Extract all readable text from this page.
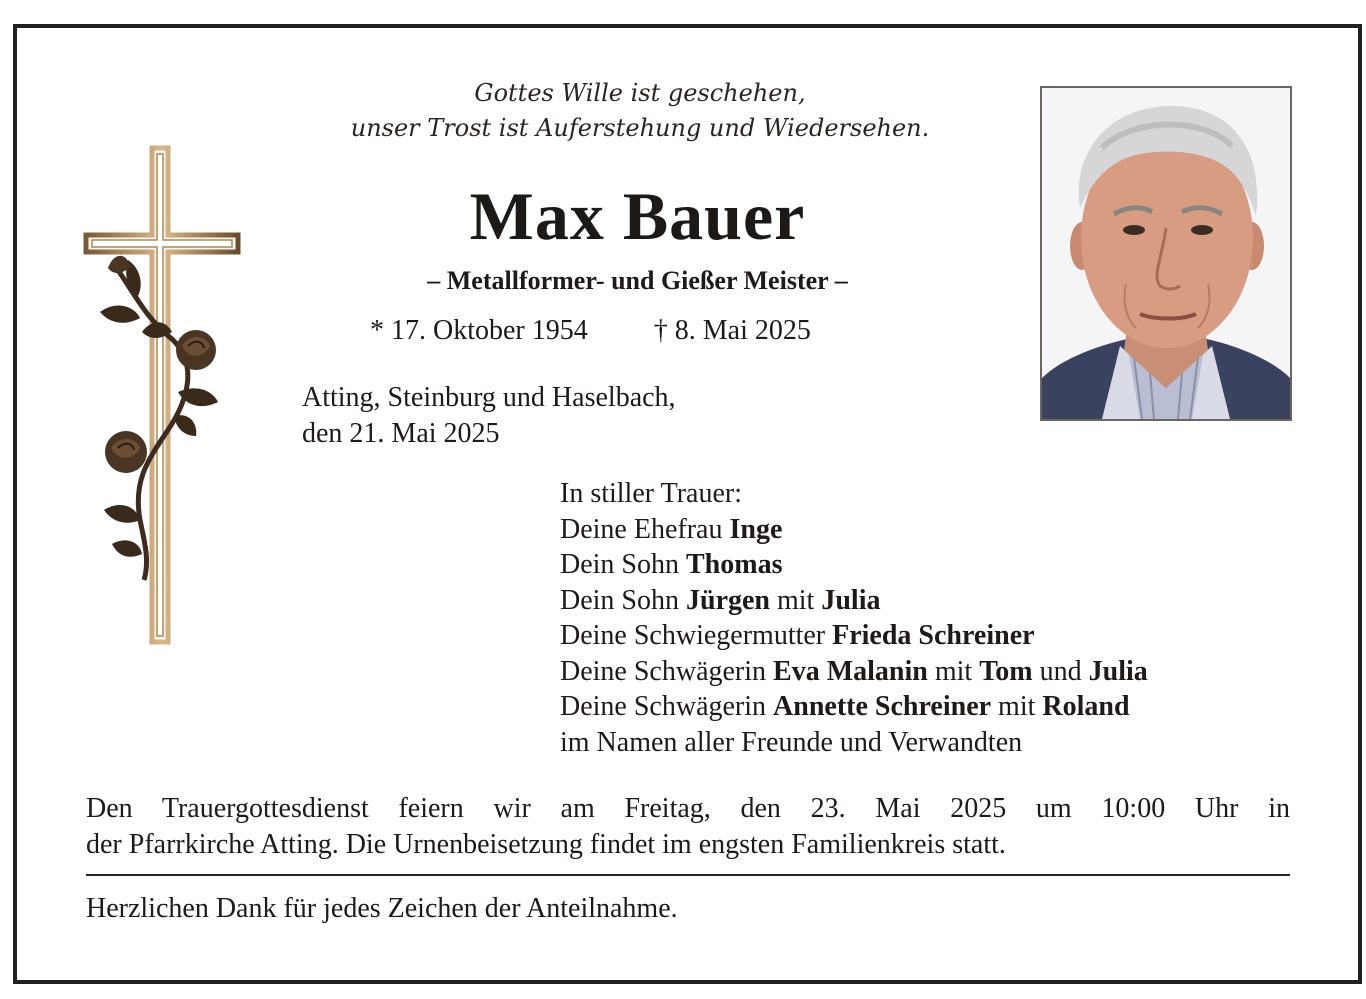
Gottes Wille ist geschehen,
unser Trost ist Auferstehung und Wiedersehen.
Max Bauer
– Metallformer- und Gießer Meister –
* 17. Oktober 1954 † 8. Mai 2025
Atting, Steinburg und Haselbach,
den 21. Mai 2025
In stiller Trauer:
Deine Ehefrau Inge
Dein Sohn Thomas
Dein Sohn Jürgen mit Julia
Deine Schwiegermutter Frieda Schreiner
Deine Schwägerin Eva Malanin mit Tom und Julia
Deine Schwägerin Annette Schreiner mit Roland
im Namen aller Freunde und Verwandten
Den Trauergottesdienst feiern wir am Freitag, den 23. Mai 2025 um 10:00 Uhr in
der Pfarrkirche Atting. Die Urnenbeisetzung findet im engsten Familienkreis statt.
Herzlichen Dank für jedes Zeichen der Anteilnahme.
